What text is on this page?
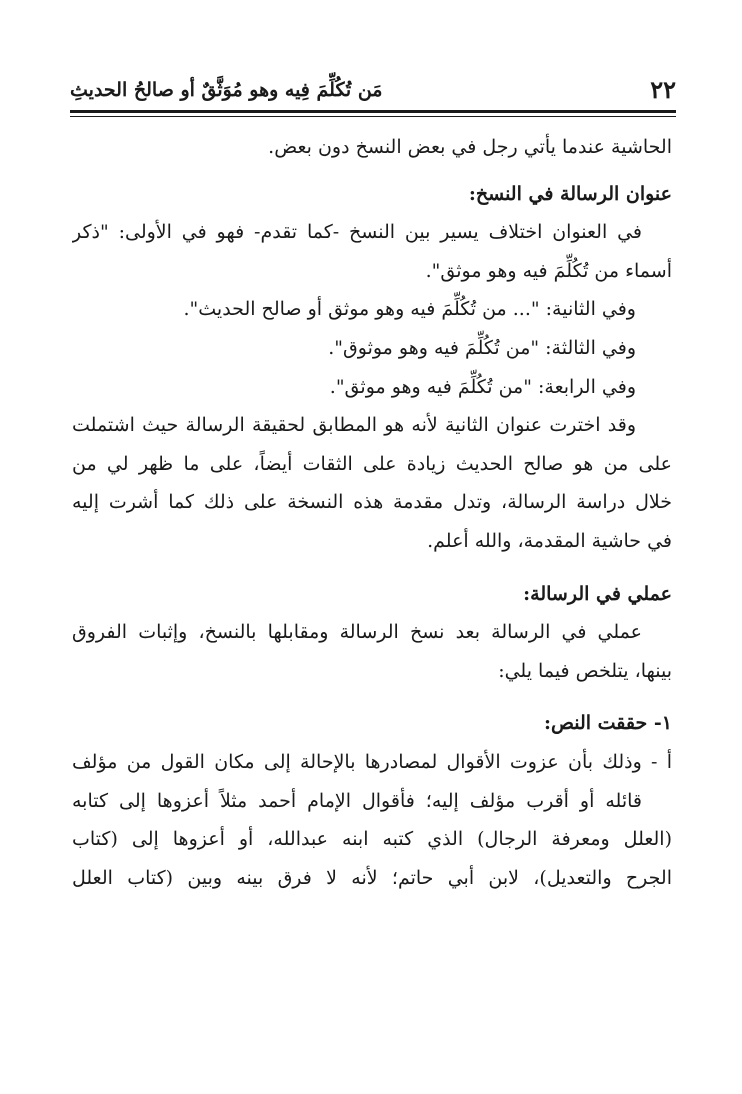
٢٢
مَن تُكُلِّمَ فِيه وهو مُوَثَّقٌ أو صالحُ الحديثِ
الحاشية عندما يأتي رجل في بعض النسخ دون بعض.
عنوان الرسالة في النسخ:
في العنوان اختلاف يسير بين النسخ -كما تقدم- فهو في الأولى: "ذكر
أسماء من تُكُلِّمَ فيه وهو موثق".
وفي الثانية: "... من تُكُلِّمَ فيه وهو موثق أو صالح الحديث".
وفي الثالثة: "من تُكُلِّمَ فيه وهو موثوق".
وفي الرابعة: "من تُكُلِّمَ فيه وهو موثق".
وقد اخترت عنوان الثانية لأنه هو المطابق لحقيقة الرسالة حيث اشتملت
على من هو صالح الحديث زيادة على الثقات أيضاً، على ما ظهر لي من
خلال دراسة الرسالة، وتدل مقدمة هذه النسخة على ذلك كما أشرت إليه
في حاشية المقدمة، والله أعلم.
عملي في الرسالة:
عملي في الرسالة بعد نسخ الرسالة ومقابلها بالنسخ، وإثبات الفروق
بينها، يتلخص فيما يلي:
١- حققت النص:
أ - وذلك بأن عزوت الأقوال لمصادرها بالإحالة إلى مكان القول من مؤلف
قائله أو أقرب مؤلف إليه؛ فأقوال الإمام أحمد مثلاً أعزوها إلى كتابه
(العلل ومعرفة الرجال) الذي كتبه ابنه عبدالله، أو أعزوها إلى (كتاب
الجرح والتعديل)، لابن أبي حاتم؛ لأنه لا فرق بينه وبين (كتاب العلل
